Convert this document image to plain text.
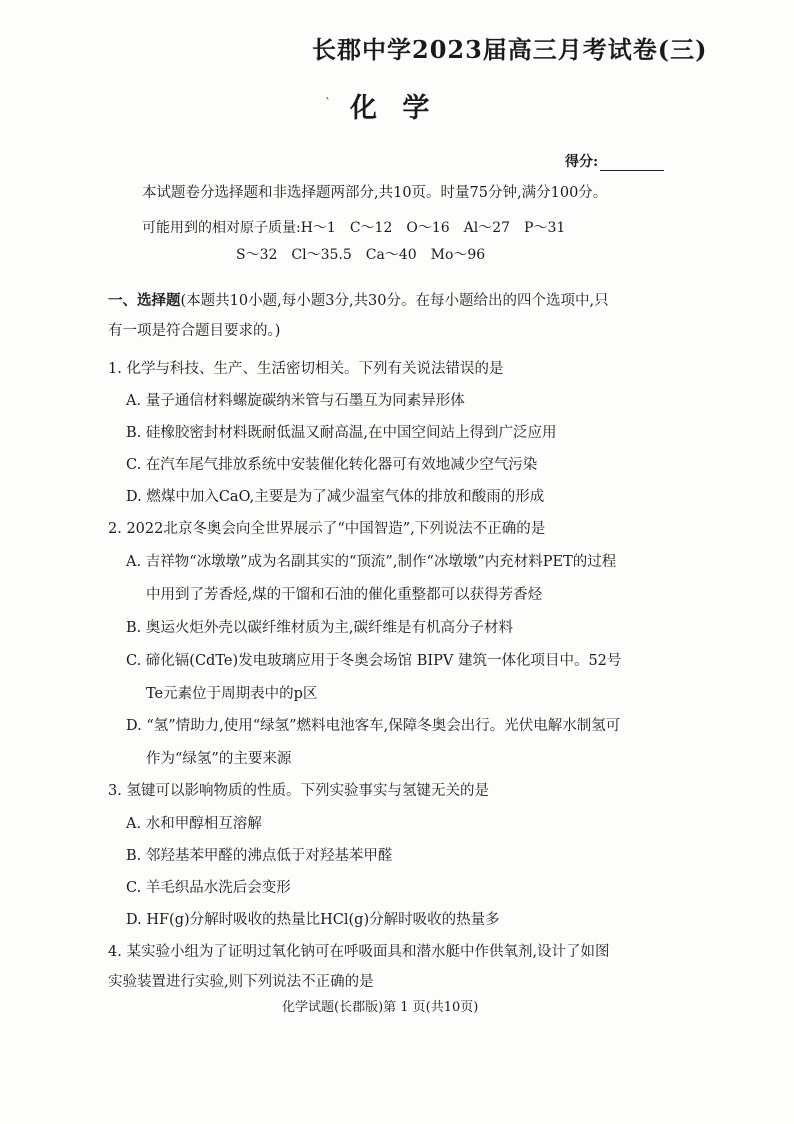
长郡中学2023届高三月考试卷(三)
` 化 学
得分:
本试题卷分选择题和非选择题两部分,共10页。时量75分钟,满分100分。
可能用到的相对原子质量:H～1　C～12　O～16　Al～27　P～31
S～32　Cl～35.5　Ca～40　Mo～96
一、选择题(本题共10小题,每小题3分,共30分。在每小题给出的四个选项中,只
有一项是符合题目要求的。)
1. 化学与科技、生产、生活密切相关。下列有关说法错误的是
A. 量子通信材料螺旋碳纳米管与石墨互为同素异形体
B. 硅橡胶密封材料既耐低温又耐高温,在中国空间站上得到广泛应用
C. 在汽车尾气排放系统中安装催化转化器可有效地减少空气污染
D. 燃煤中加入CaO,主要是为了减少温室气体的排放和酸雨的形成
2. 2022北京冬奥会向全世界展示了“中国智造”,下列说法不正确的是
A. 吉祥物“冰墩墩”成为名副其实的“顶流”,制作“冰墩墩”内充材料PET的过程
中用到了芳香烃,煤的干馏和石油的催化重整都可以获得芳香烃
B. 奥运火炬外壳以碳纤维材质为主,碳纤维是有机高分子材料
C. 碲化镉(CdTe)发电玻璃应用于冬奥会场馆 BIPV 建筑一体化项目中。52号
Te元素位于周期表中的p区
D. “氢”情助力,使用“绿氢”燃料电池客车,保障冬奥会出行。光伏电解水制氢可
作为“绿氢”的主要来源
3. 氢键可以影响物质的性质。下列实验事实与氢键无关的是
A. 水和甲醇相互溶解
B. 邻羟基苯甲醛的沸点低于对羟基苯甲醛
C. 羊毛织品水洗后会变形
D. HF(g)分解时吸收的热量比HCl(g)分解时吸收的热量多
4. 某实验小组为了证明过氧化钠可在呼吸面具和潜水艇中作供氧剂,设计了如图
实验装置进行实验,则下列说法不正确的是
化学试题(长郡版)第 1 页(共10页)
